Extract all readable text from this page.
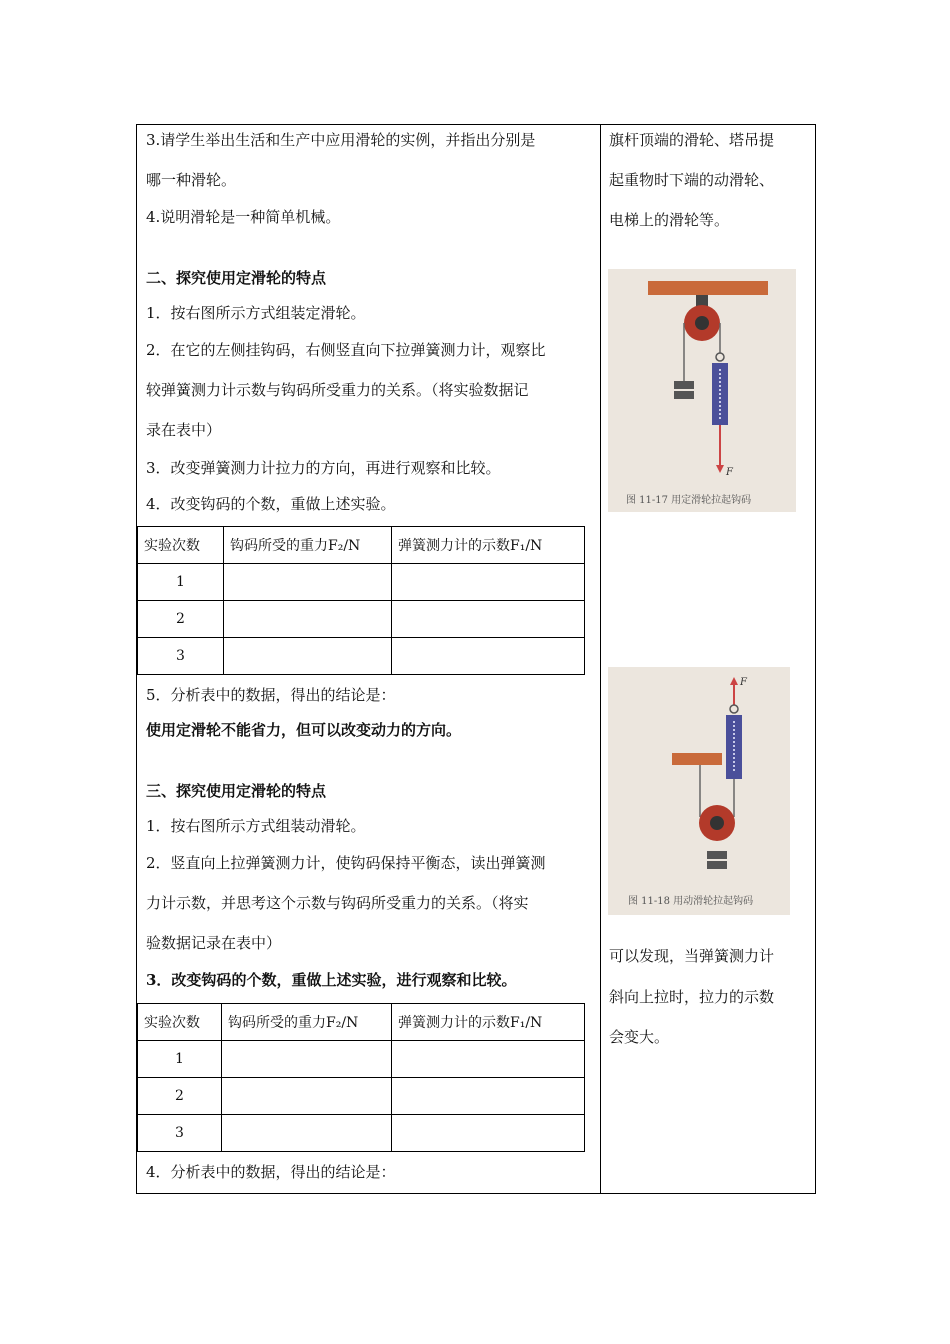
3.请学生举出生活和生产中应用滑轮的实例，并指出分别是
哪一种滑轮。
4.说明滑轮是一种简单机械。
二、探究使用定滑轮的特点
1．按右图所示方式组装定滑轮。
2．在它的左侧挂钩码，右侧竖直向下拉弹簧测力计，观察比
较弹簧测力计示数与钩码所受重力的关系。（将实验数据记
录在表中）
3．改变弹簧测力计拉力的方向，再进行观察和比较。
4．改变钩码的个数，重做上述实验。
实验次数	钩码所受的重力F₂/N	弹簧测力计的示数F₁/N
1		
2		
3		
5．分析表中的数据，得出的结论是：
使用定滑轮不能省力，但可以改变动力的方向。
三、探究使用定滑轮的特点
1．按右图所示方式组装动滑轮。
2．竖直向上拉弹簧测力计，使钩码保持平衡态，读出弹簧测
力计示数，并思考这个示数与钩码所受重力的关系。（将实
验数据记录在表中）
3．改变钩码的个数，重做上述实验，进行观察和比较。
实验次数	钩码所受的重力F₂/N	弹簧测力计的示数F₁/N
1		
2		
3		
4．分析表中的数据，得出的结论是：
旗杆顶端的滑轮、塔吊提
起重物时下端的动滑轮、
电梯上的滑轮等。
F
图 11-17 用定滑轮拉起钩码
F
图 11-18 用动滑轮拉起钩码
可以发现，当弹簧测力计
斜向上拉时，拉力的示数
会变大。
